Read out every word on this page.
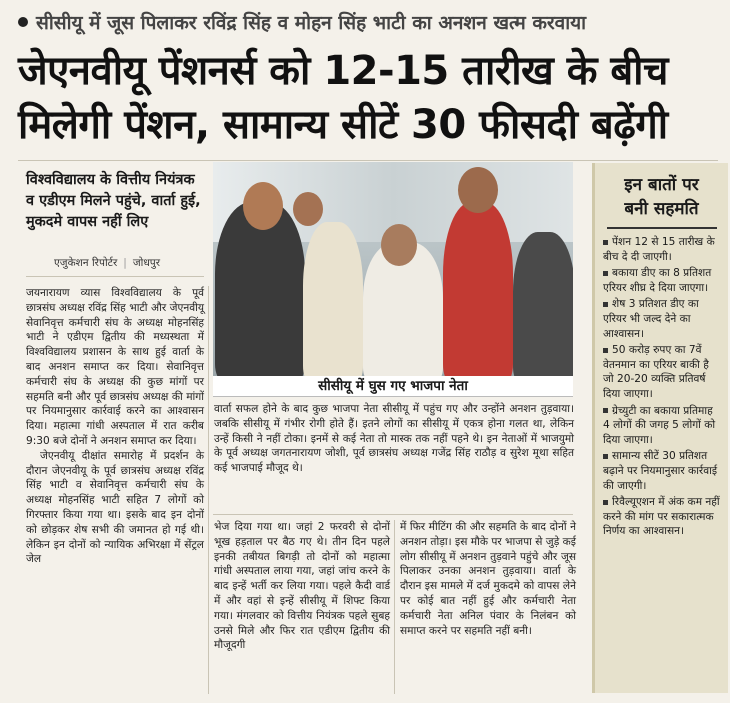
सीसीयू में जूस पिलाकर रविंद्र सिंह व मोहन सिंह भाटी का अनशन खत्म करवाया
जेएनवीयू पेंशनर्स को 12-15 तारीख के बीच
मिलेगी पेंशन, सामान्य सीटें 30 फीसदी बढ़ेंगी
विश्वविद्यालय के वित्तीय नियंत्रक व एडीएम मिलने पहुंचे, वार्ता हुई, मुकदमे वापस नहीं लिए
एजुकेशन रिपोर्टर | जोधपुर
सीसीयू में घुस गए भाजपा नेता

जयनारायण व्यास विश्वविद्यालय के पूर्व छात्रसंघ अध्यक्ष रविंद्र सिंह भाटी और जेएनवीयू सेवानिवृत्त कर्मचारी संघ के अध्यक्ष मोहनसिंह भाटी ने एडीएम द्वितीय की मध्यस्थता में विश्वविद्यालय प्रशासन के साथ हुई वार्ता के बाद अनशन समाप्त कर दिया। सेवानिवृत्त कर्मचारी संघ के अध्यक्ष की कुछ मांगों पर सहमति बनी और पूर्व छात्रसंघ अध्यक्ष की मांगों पर नियमानुसार कार्रवाई करने का आश्वासन दिया। महात्मा गांधी अस्पताल में रात करीब 9:30 बजे दोनों ने अनशन समाप्त कर दिया।

जेएनवीयू दीक्षांत समारोह में प्रदर्शन के दौरान जेएनवीयू के पूर्व छात्रसंघ अध्यक्ष रविंद्र सिंह भाटी व सेवानिवृत्त कर्मचारी संघ के अध्यक्ष मोहनसिंह भाटी सहित 7 लोगों को गिरफ्तार किया गया था। इसके बाद इन दोनों को छोड़कर शेष सभी की जमानत हो गई थी। लेकिन इन दोनों को न्यायिक अभिरक्षा में सेंट्रल जेल

वार्ता सफल होने के बाद कुछ भाजपा नेता सीसीयू में पहुंच गए और उन्होंने अनशन तुड़वाया। जबकि सीसीयू में गंभीर रोगी होते हैं। इतने लोगों का सीसीयू में एकत्र होना गलत था, लेकिन उन्हें किसी ने नहीं टोका। इनमें से कई नेता तो मास्क तक नहीं पहने थे। इन नेताओं में भाजयुमो के पूर्व अध्यक्ष जगतनारायण जोशी, पूर्व छात्रसंघ अध्यक्ष गजेंद्र सिंह राठौड़ व सुरेश मूथा सहित कई भाजपाई मौजूद थे।

भेज दिया गया था। जहां 2 फरवरी से दोनों भूख हड़ताल पर बैठ गए थे। तीन दिन पहले इनकी तबीयत बिगड़ी तो दोनों को महात्मा गांधी अस्पताल लाया गया, जहां जांच करने के बाद इन्हें भर्ती कर लिया गया। पहले कैदी वार्ड में और वहां से इन्हें सीसीयू में शिफ्ट किया गया। मंगलवार को वित्तीय नियंत्रक पहले सुबह उनसे मिले और फिर रात एडीएम द्वितीय की मौजूदगी

में फिर मीटिंग की और सहमति के बाद दोनों ने अनशन तोड़ा। इस मौके पर भाजपा से जुड़े कई लोग सीसीयू में अनशन तुड़वाने पहुंचे और जूस पिलाकर उनका अनशन तुड़वाया। वार्ता के दौरान इस मामले में दर्ज मुकदमे को वापस लेने पर कोई बात नहीं हुई और कर्मचारी नेता कर्मचारी नेता अनिल पंवार के निलंबन को समाप्त करने पर सहमति नहीं बनी।

इन बातों पर
बनी सहमति
पेंशन 12 से 15 तारीख के बीच दे दी जाएगी।
बकाया डीए का 8 प्रतिशत एरियर शीघ्र दे दिया जाएगा।
शेष 3 प्रतिशत डीए का एरियर भी जल्द देने का आश्वासन।
50 करोड़ रुपए का 7वें वेतनमान का एरियर बाकी है जो 20-20 व्यक्ति प्रतिवर्ष दिया जाएगा।
ग्रेच्युटी का बकाया प्रतिमाह 4 लोगों की जगह 5 लोगों को दिया जाएगा।
सामान्य सीटें 30 प्रतिशत बढ़ाने पर नियमानुसार कार्रवाई की जाएगी।
रिवैल्यूएशन में अंक कम नहीं करने की मांग पर सकारात्मक निर्णय का आश्वासन।
